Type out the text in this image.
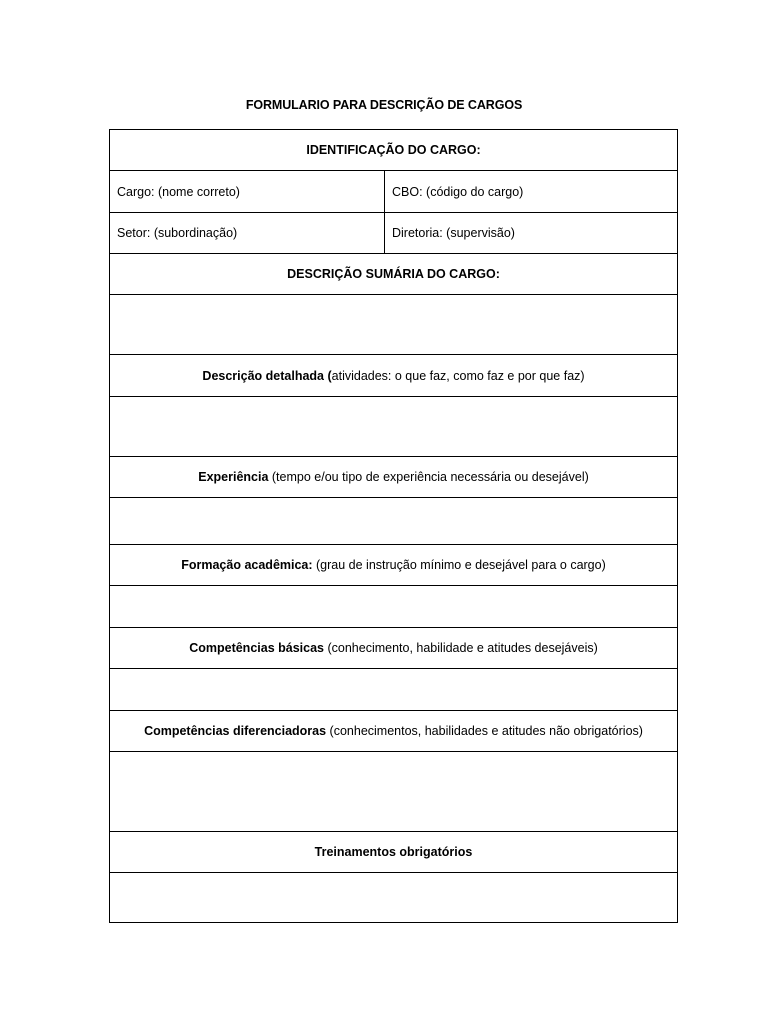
FORMULARIO PARA DESCRIÇÃO DE CARGOS
IDENTIFICAÇÃO DO CARGO:	
Cargo: (nome correto)	CBO: (código do cargo)
Setor: (subordinação)	Diretoria: (supervisão)
DESCRIÇÃO SUMÁRIA DO CARGO:	

Descrição detalhada (atividades: o que faz, como faz e por que faz)	

Experiência (tempo e/ou tipo de experiência necessária ou desejável)	

Formação acadêmica: (grau de instrução mínimo e desejável para o cargo)	

Competências básicas (conhecimento, habilidade e atitudes desejáveis)	

Competências diferenciadoras (conhecimentos, habilidades e atitudes não obrigatórios)	

Treinamentos obrigatórios	
